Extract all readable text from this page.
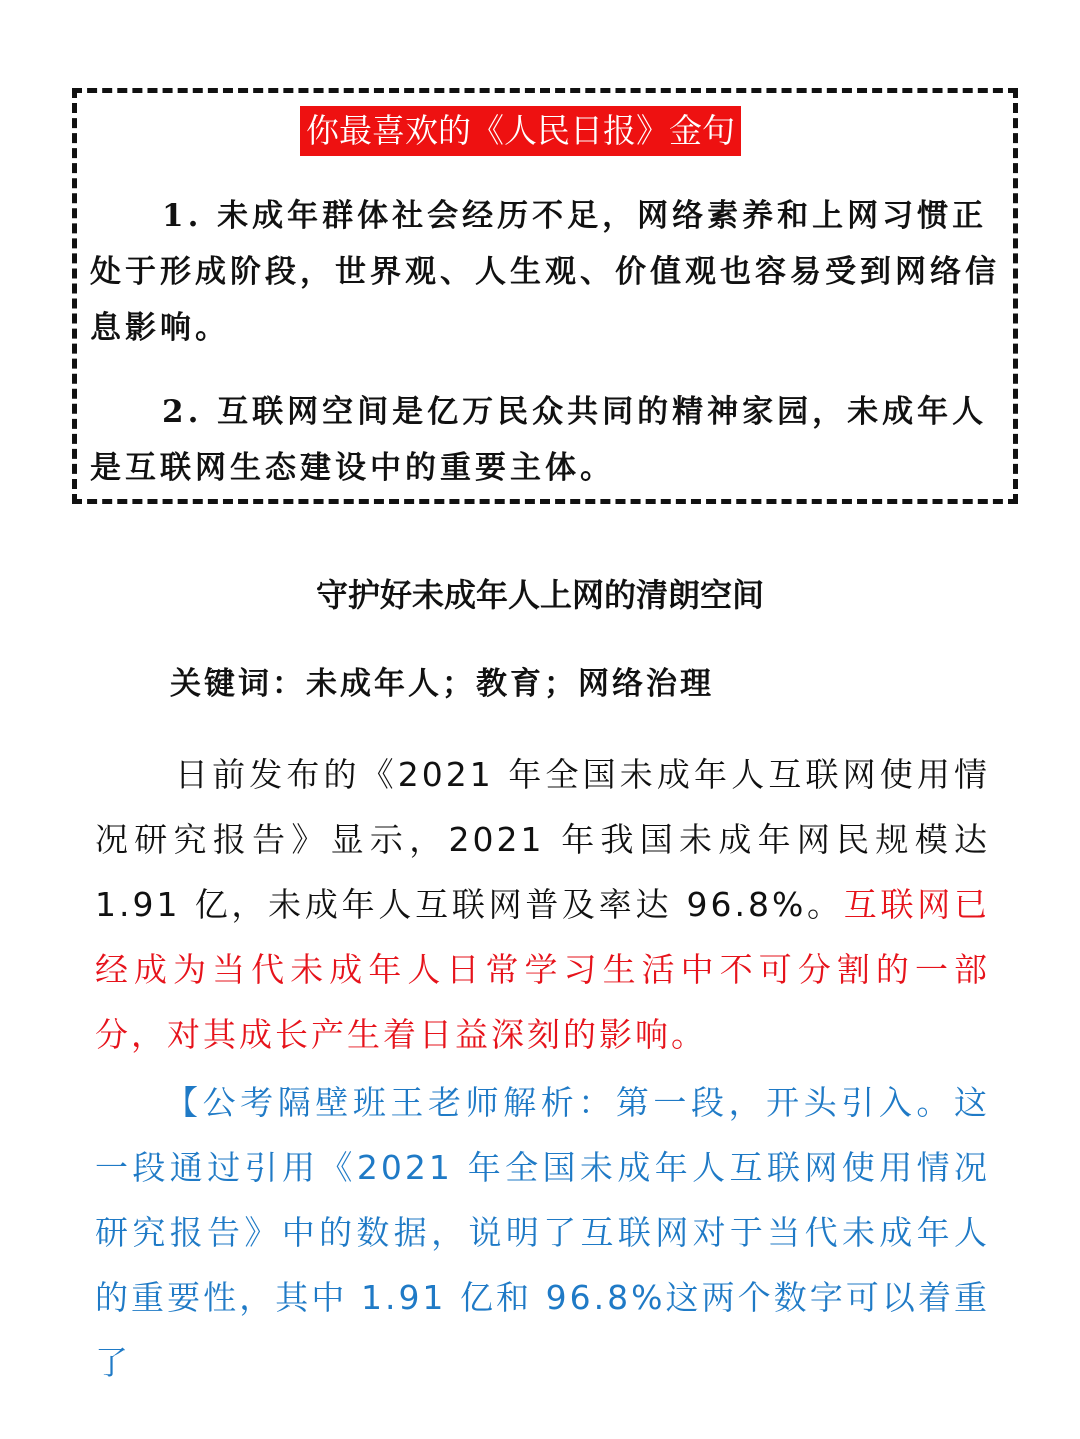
你最喜欢的《人民日报》金句

1. 未成年群体社会经历不足，网络素养和上网习惯正处于形成阶段，世界观、人生观、价值观也容易受到网络信息影响。

2. 互联网空间是亿万民众共同的精神家园，未成年人是互联网生态建设中的重要主体。

守护好未成年人上网的清朗空间

关键词：未成年人；教育；网络治理

日前发布的《2021 年全国未成年人互联网使用情况研究报告》显示，2021 年我国未成年网民规模达 1.91 亿，未成年人互联网普及率达 96.8%。互联网已经成为当代未成年人日常学习生活中不可分割的一部分，对其成长产生着日益深刻的影响。

【公考隔壁班王老师解析：第一段，开头引入。这一段通过引用《2021 年全国未成年人互联网使用情况研究报告》中的数据，说明了互联网对于当代未成年人的重要性，其中 1.91 亿和 96.8%这两个数字可以着重了
